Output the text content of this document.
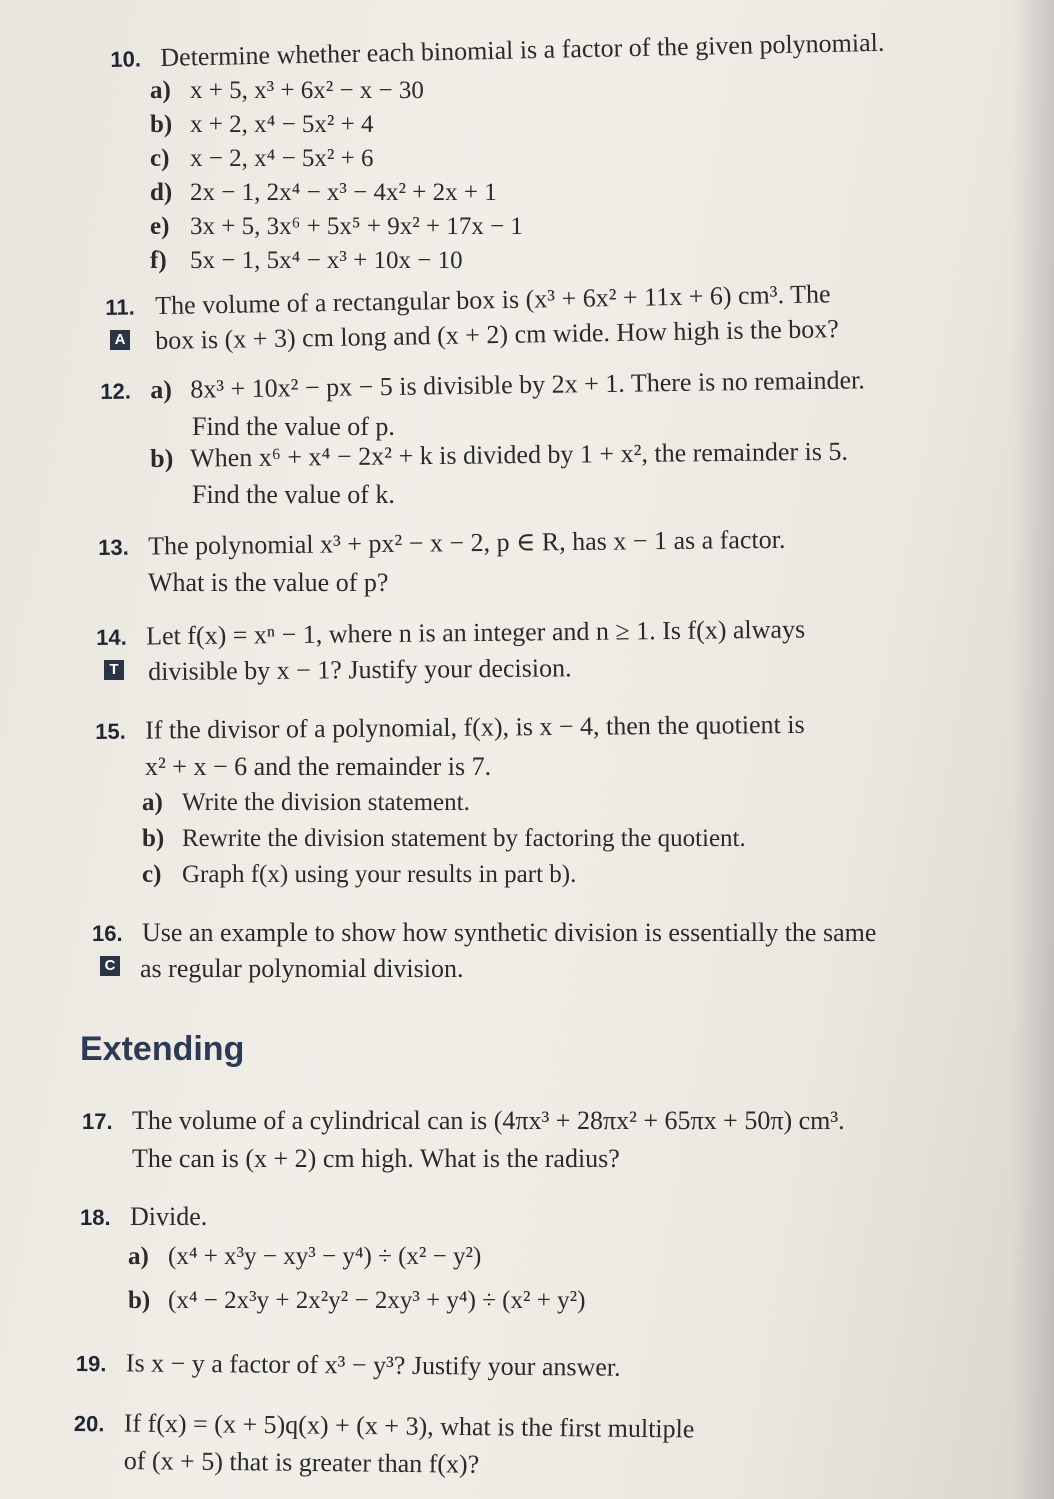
10. Determine whether each binomial is a factor of the given polynomial.
a) x + 5, x³ + 6x² − x − 30
b) x + 2, x⁴ − 5x² + 4
c) x − 2, x⁴ − 5x² + 6
d) 2x − 1, 2x⁴ − x³ − 4x² + 2x + 1
e) 3x + 5, 3x⁶ + 5x⁵ + 9x² + 17x − 1
f) 5x − 1, 5x⁴ − x³ + 10x − 10
11. The volume of a rectangular box is (x³ + 6x² + 11x + 6) cm³. The
A box is (x + 3) cm long and (x + 2) cm wide. How high is the box?
12. a) 8x³ + 10x² − px − 5 is divisible by 2x + 1. There is no remainder.
Find the value of p.
b) When x⁶ + x⁴ − 2x² + k is divided by 1 + x², the remainder is 5.
Find the value of k.
13. The polynomial x³ + px² − x − 2, p ∈ R, has x − 1 as a factor.
What is the value of p?
14. Let f(x) = xⁿ − 1, where n is an integer and n ≥ 1. Is f(x) always
T divisible by x − 1? Justify your decision.
15. If the divisor of a polynomial, f(x), is x − 4, then the quotient is
x² + x − 6 and the remainder is 7.
a) Write the division statement.
b) Rewrite the division statement by factoring the quotient.
c) Graph f(x) using your results in part b).
16. Use an example to show how synthetic division is essentially the same
C as regular polynomial division.
Extending
17. The volume of a cylindrical can is (4πx³ + 28πx² + 65πx + 50π) cm³.
The can is (x + 2) cm high. What is the radius?
18. Divide.
a) (x⁴ + x³y − xy³ − y⁴) ÷ (x² − y²)
b) (x⁴ − 2x³y + 2x²y² − 2xy³ + y⁴) ÷ (x² + y²)
19. Is x − y a factor of x³ − y³? Justify your answer.
20. If f(x) = (x + 5)q(x) + (x + 3), what is the first multiple
of (x + 5) that is greater than f(x)?
